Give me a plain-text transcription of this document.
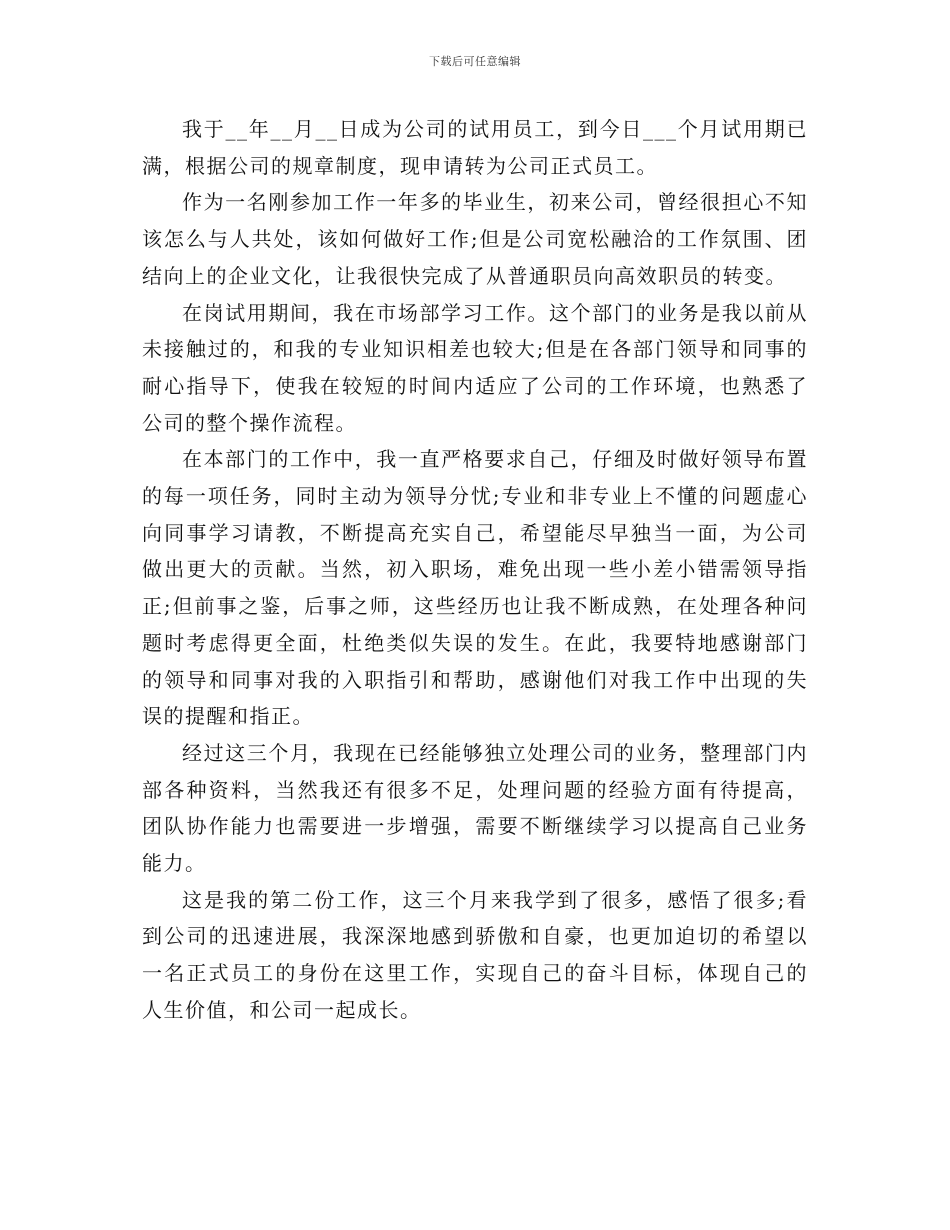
下载后可任意编辑

我于__年__月__日成为公司的试用员工，到今日___个月试用期已满，根据公司的规章制度，现申请转为公司正式员工。

作为一名刚参加工作一年多的毕业生，初来公司，曾经很担心不知该怎么与人共处，该如何做好工作;但是公司宽松融洽的工作氛围、团结向上的企业文化，让我很快完成了从普通职员向高效职员的转变。

在岗试用期间，我在市场部学习工作。这个部门的业务是我以前从未接触过的，和我的专业知识相差也较大;但是在各部门领导和同事的耐心指导下，使我在较短的时间内适应了公司的工作环境，也熟悉了公司的整个操作流程。

在本部门的工作中，我一直严格要求自己，仔细及时做好领导布置的每一项任务，同时主动为领导分忧;专业和非专业上不懂的问题虚心向同事学习请教，不断提高充实自己，希望能尽早独当一面，为公司做出更大的贡献。当然，初入职场，难免出现一些小差小错需领导指正;但前事之鉴，后事之师，这些经历也让我不断成熟，在处理各种问题时考虑得更全面，杜绝类似失误的发生。在此，我要特地感谢部门的领导和同事对我的入职指引和帮助，感谢他们对我工作中出现的失误的提醒和指正。

经过这三个月，我现在已经能够独立处理公司的业务，整理部门内部各种资料，当然我还有很多不足，处理问题的经验方面有待提高，团队协作能力也需要进一步增强，需要不断继续学习以提高自己业务能力。

这是我的第二份工作，这三个月来我学到了很多，感悟了很多;看到公司的迅速进展，我深深地感到骄傲和自豪，也更加迫切的希望以一名正式员工的身份在这里工作，实现自己的奋斗目标，体现自己的人生价值，和公司一起成长。
